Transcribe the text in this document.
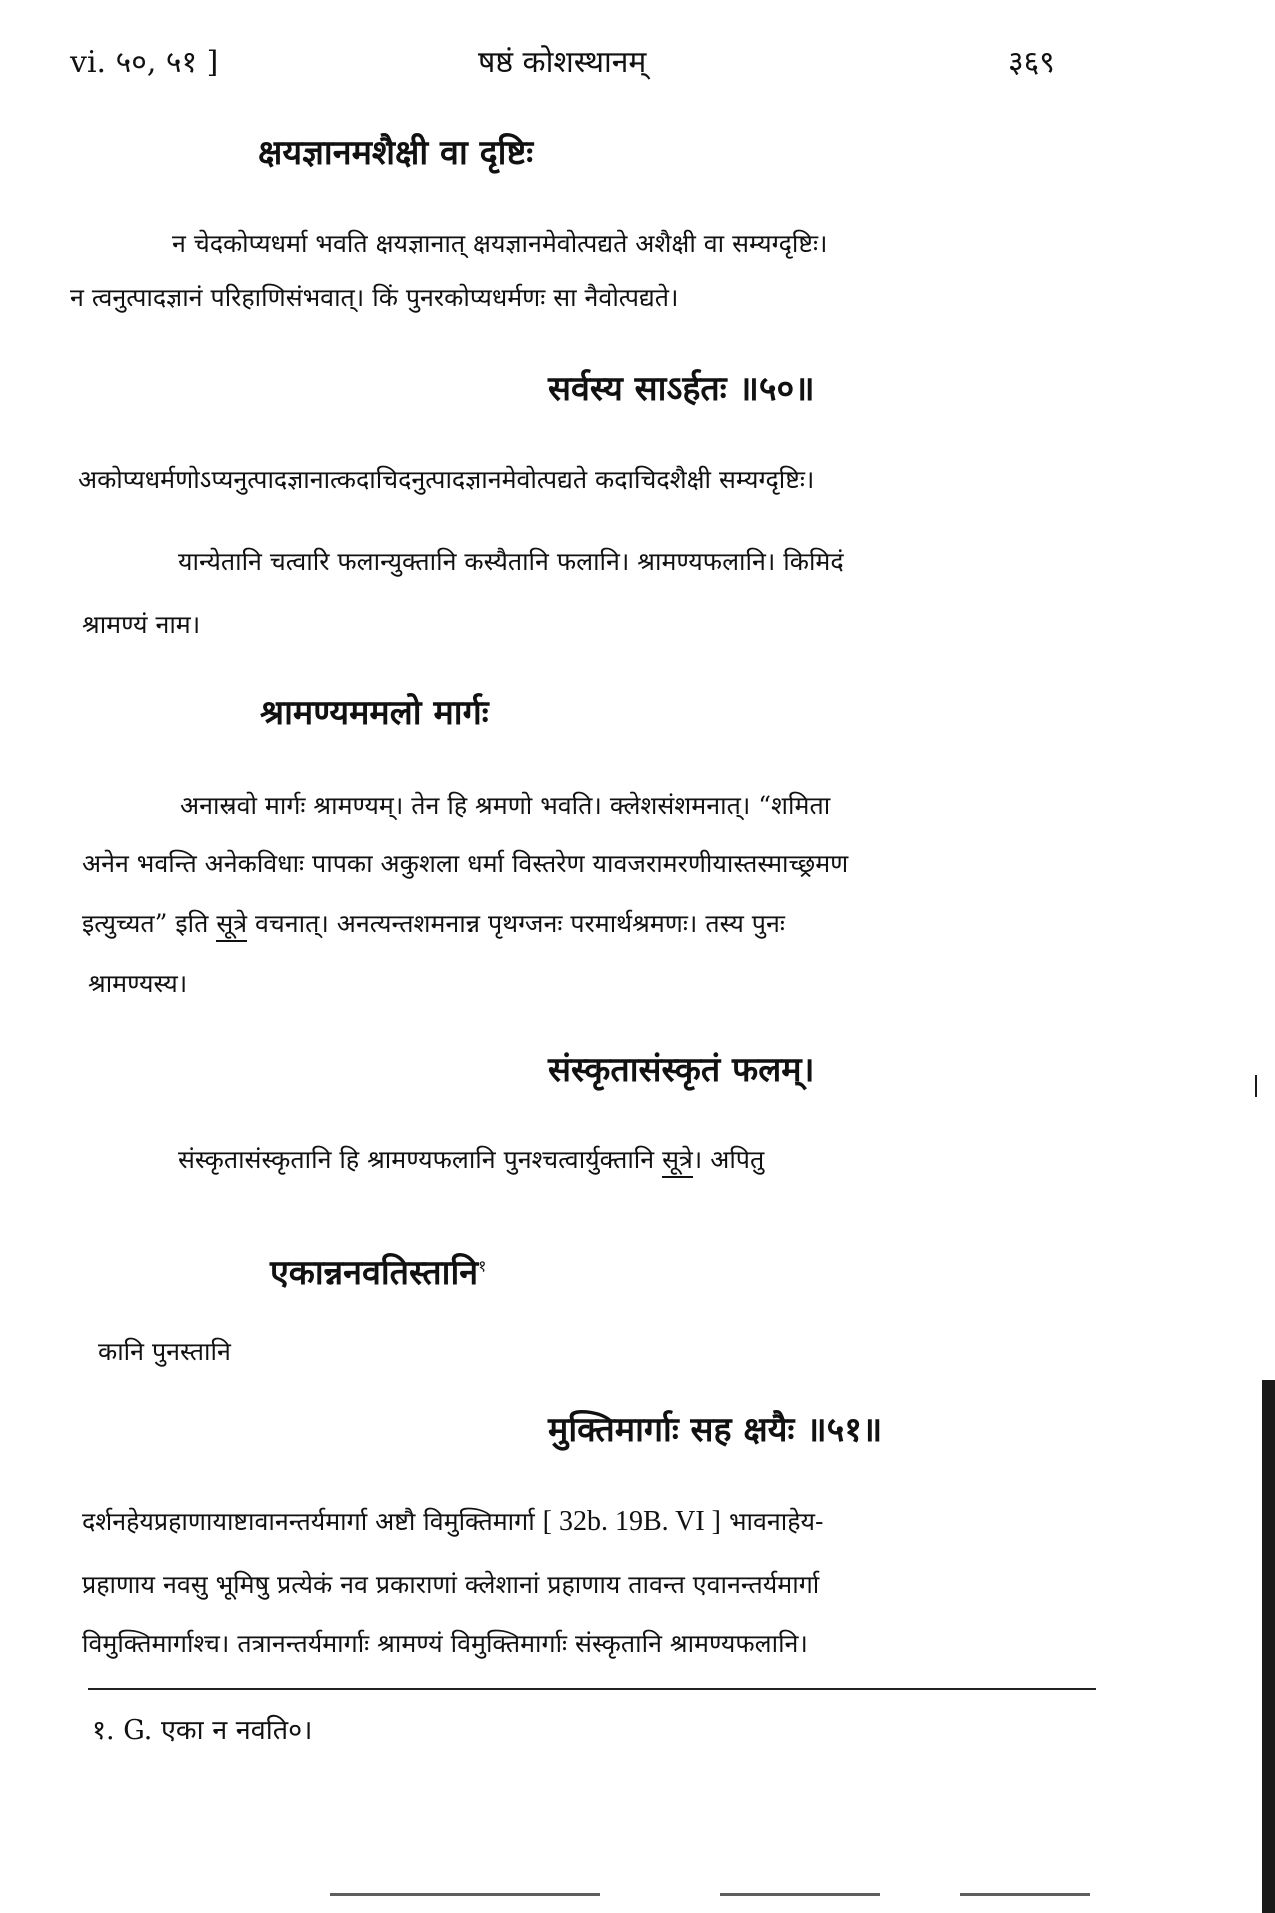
vi. ५०, ५१ ]	षष्ठं कोशस्थानम्	३६९
क्षयज्ञानमशैक्षी वा दृष्टिः
न चेदकोप्यधर्मा भवति क्षयज्ञानात् क्षयज्ञानमेवोत्पद्यते अशैक्षी वा सम्यग्दृष्टिः।
न त्वनुत्पादज्ञानं परिहाणिसंभवात्। किं पुनरकोप्यधर्मणः सा नैवोत्पद्यते।
सर्वस्य साऽर्हतः ॥५०॥
अकोप्यधर्मणोऽप्यनुत्पादज्ञानात्कदाचिदनुत्पादज्ञानमेवोत्पद्यते कदाचिदशैक्षी सम्यग्दृष्टिः।
यान्येतानि चत्वारि फलान्युक्तानि कस्यैतानि फलानि। श्रामण्यफलानि। किमिदं
श्रामण्यं नाम।
श्रामण्यममलो मार्गः
अनास्रवो मार्गः श्रामण्यम्। तेन हि श्रमणो भवति। क्लेशसंशमनात्। “शमिता
अनेन भवन्ति अनेकविधाः पापका अकुशला धर्मा विस्तरेण यावजरामरणीयास्तस्माच्छ्रमण
इत्युच्यत” इति सूत्रे वचनात्। अनत्यन्तशमनान्न पृथग्जनः परमार्थश्रमणः। तस्य पुनः
श्रामण्यस्य।
संस्कृतासंस्कृतं फलम्।
संस्कृतासंस्कृतानि हि श्रामण्यफलानि पुनश्चत्वार्युक्तानि सूत्रे। अपितु
एकान्ननवतिस्तानि$^१$
कानि पुनस्तानि
मुक्तिमार्गाः सह क्षयैः ॥५१॥
दर्शनहेयप्रहाणायाष्टावानन्तर्यमार्गा अष्टौ विमुक्तिमार्गा [ 32b. 19B. VI ] भावनाहेय-
प्रहाणाय नवसु भूमिषु प्रत्येकं नव प्रकाराणां क्लेशानां प्रहाणाय तावन्त एवानन्तर्यमार्गा
विमुक्तिमार्गाश्च। तत्रानन्तर्यमार्गाः श्रामण्यं विमुक्तिमार्गाः संस्कृतानि श्रामण्यफलानि।
१. G. एका न नवति०।
